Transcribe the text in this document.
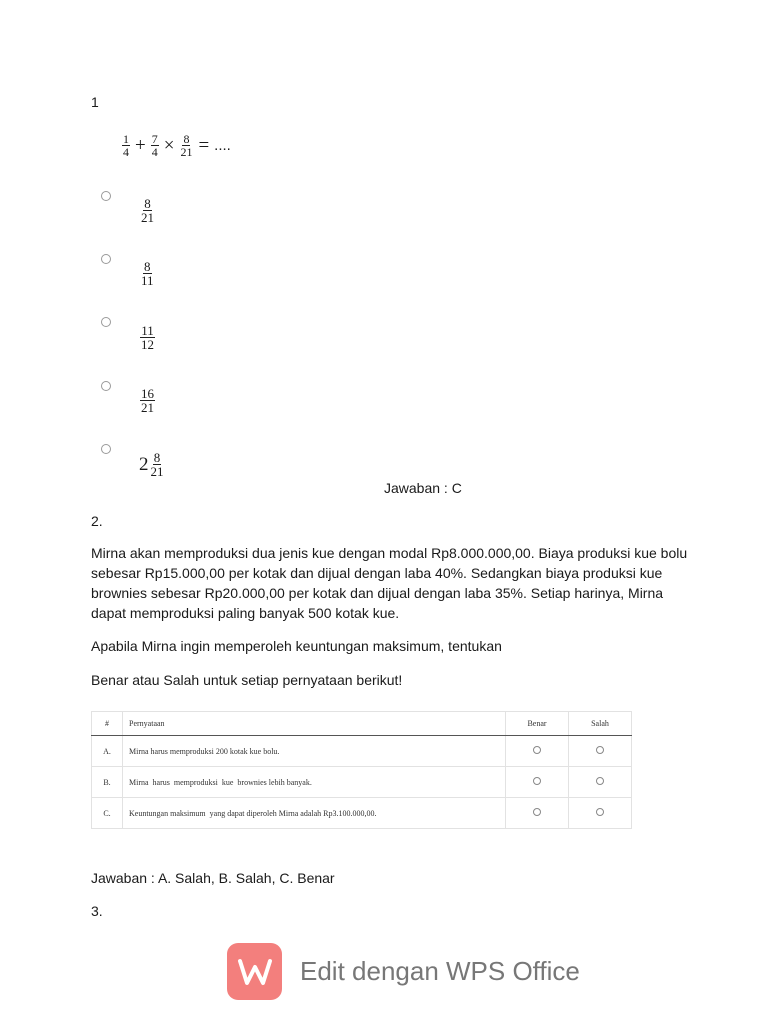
1
$\frac{1}{4} + \frac{7}{4} \times \frac{8}{21}$ = ....
$\frac{8}{21}$
$\frac{8}{11}$
$\frac{11}{12}$
$\frac{16}{21}$
$2 \frac{8}{21}$
Jawaban : C
2.
Mirna akan memproduksi dua jenis kue dengan modal Rp8.000.000,00. Biaya produksi kue bolu sebesar Rp15.000,00 per kotak dan dijual dengan laba 40%. Sedangkan biaya produksi kue brownies sebesar Rp20.000,00 per kotak dan dijual dengan laba 35%. Setiap harinya, Mirna dapat memproduksi paling banyak 500 kotak kue.
Apabila Mirna ingin memperoleh keuntungan maksimum, tentukan
Benar atau Salah untuk setiap pernyataan berikut!
#	Pernyataan	Benar	Salah
A.	Mirna harus memproduksi 200 kotak kue bolu.		
B.	Mirna  harus  memproduksi  kue  brownies lebih banyak.		
C.	Keuntungan maksimum  yang dapat diperoleh Mirna adalah Rp3.100.000,00.		
Jawaban : A. Salah, B. Salah, C. Benar
3.
Edit dengan WPS Office
